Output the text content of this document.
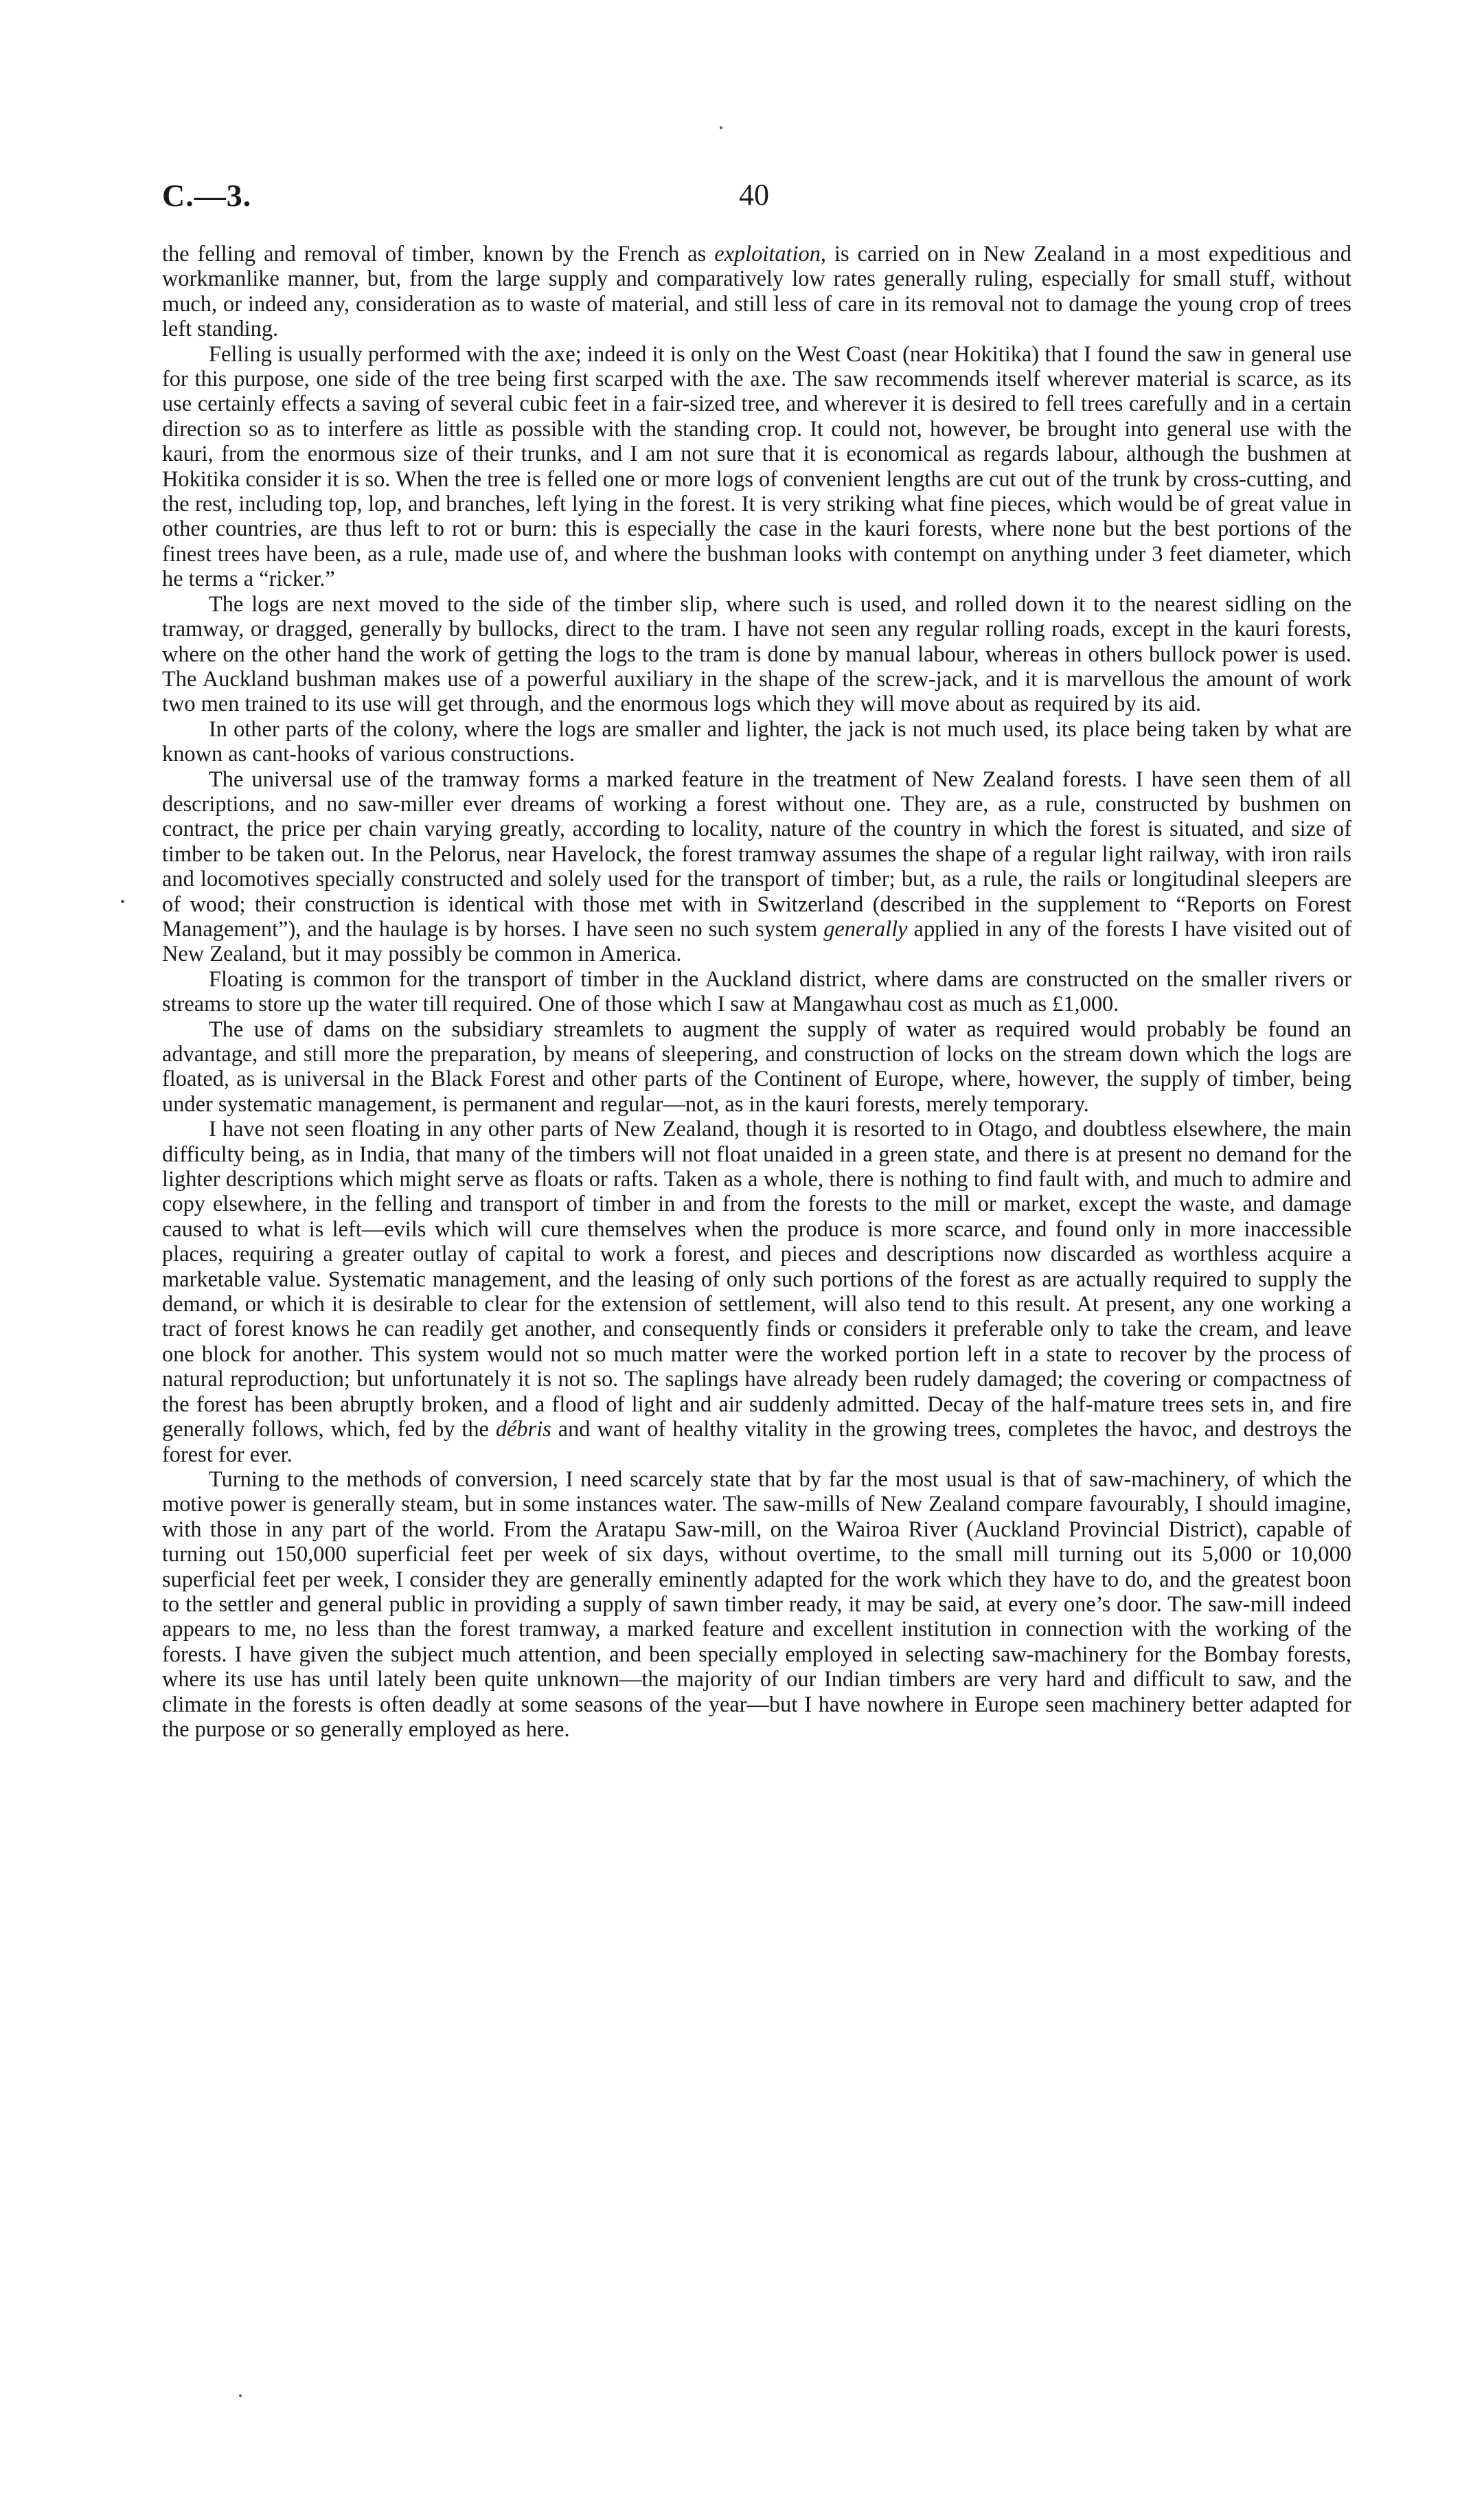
C.—3.	40

the felling and removal of timber, known by the French as exploitation, is carried on in New Zealand in a most expeditious and workmanlike manner, but, from the large supply and comparatively low rates generally ruling, especially for small stuff, without much, or indeed any, consideration as to waste of material, and still less of care in its removal not to damage the young crop of trees left standing.

Felling is usually performed with the axe; indeed it is only on the West Coast (near Hokitika) that I found the saw in general use for this purpose, one side of the tree being first scarped with the axe. The saw recommends itself wherever material is scarce, as its use certainly effects a saving of several cubic feet in a fair-sized tree, and wherever it is desired to fell trees carefully and in a certain direction so as to interfere as little as possible with the standing crop. It could not, however, be brought into general use with the kauri, from the enormous size of their trunks, and I am not sure that it is economical as regards labour, although the bushmen at Hokitika consider it is so. When the tree is felled one or more logs of convenient lengths are cut out of the trunk by cross-cutting, and the rest, including top, lop, and branches, left lying in the forest. It is very striking what fine pieces, which would be of great value in other countries, are thus left to rot or burn: this is especially the case in the kauri forests, where none but the best portions of the finest trees have been, as a rule, made use of, and where the bushman looks with contempt on anything under 3 feet diameter, which he terms a “ricker.”

The logs are next moved to the side of the timber slip, where such is used, and rolled down it to the nearest sidling on the tramway, or dragged, generally by bullocks, direct to the tram. I have not seen any regular rolling roads, except in the kauri forests, where on the other hand the work of getting the logs to the tram is done by manual labour, whereas in others bullock power is used. The Auckland bushman makes use of a powerful auxiliary in the shape of the screw-jack, and it is marvellous the amount of work two men trained to its use will get through, and the enormous logs which they will move about as required by its aid.

In other parts of the colony, where the logs are smaller and lighter, the jack is not much used, its place being taken by what are known as cant-hooks of various constructions.

The universal use of the tramway forms a marked feature in the treatment of New Zealand forests. I have seen them of all descriptions, and no saw-miller ever dreams of working a forest without one. They are, as a rule, constructed by bushmen on contract, the price per chain varying greatly, according to locality, nature of the country in which the forest is situated, and size of timber to be taken out. In the Pelorus, near Havelock, the forest tramway assumes the shape of a regular light railway, with iron rails and locomotives specially constructed and solely used for the transport of timber; but, as a rule, the rails or longitudinal sleepers are of wood; their construction is identical with those met with in Switzerland (described in the supplement to “Reports on Forest Management”), and the haulage is by horses. I have seen no such system generally applied in any of the forests I have visited out of New Zealand, but it may possibly be common in America.

Floating is common for the transport of timber in the Auckland district, where dams are constructed on the smaller rivers or streams to store up the water till required. One of those which I saw at Mangawhau cost as much as £1,000.

The use of dams on the subsidiary streamlets to augment the supply of water as required would probably be found an advantage, and still more the preparation, by means of sleepering, and construction of locks on the stream down which the logs are floated, as is universal in the Black Forest and other parts of the Continent of Europe, where, however, the supply of timber, being under systematic management, is permanent and regular—not, as in the kauri forests, merely temporary.

I have not seen floating in any other parts of New Zealand, though it is resorted to in Otago, and doubtless elsewhere, the main difficulty being, as in India, that many of the timbers will not float unaided in a green state, and there is at present no demand for the lighter descriptions which might serve as floats or rafts. Taken as a whole, there is nothing to find fault with, and much to admire and copy elsewhere, in the felling and transport of timber in and from the forests to the mill or market, except the waste, and damage caused to what is left—evils which will cure themselves when the produce is more scarce, and found only in more inaccessible places, requiring a greater outlay of capital to work a forest, and pieces and descriptions now discarded as worthless acquire a marketable value. Systematic management, and the leasing of only such portions of the forest as are actually required to supply the demand, or which it is desirable to clear for the extension of settlement, will also tend to this result. At present, any one working a tract of forest knows he can readily get another, and consequently finds or considers it preferable only to take the cream, and leave one block for another. This system would not so much matter were the worked portion left in a state to recover by the process of natural reproduction; but unfortunately it is not so. The saplings have already been rudely damaged; the covering or compactness of the forest has been abruptly broken, and a flood of light and air suddenly admitted. Decay of the half-mature trees sets in, and fire generally follows, which, fed by the débris and want of healthy vitality in the growing trees, completes the havoc, and destroys the forest for ever.

Turning to the methods of conversion, I need scarcely state that by far the most usual is that of saw-machinery, of which the motive power is generally steam, but in some instances water. The saw-mills of New Zealand compare favourably, I should imagine, with those in any part of the world. From the Aratapu Saw-mill, on the Wairoa River (Auckland Provincial District), capable of turning out 150,000 superficial feet per week of six days, without overtime, to the small mill turning out its 5,000 or 10,000 superficial feet per week, I consider they are generally eminently adapted for the work which they have to do, and the greatest boon to the settler and general public in providing a supply of sawn timber ready, it may be said, at every one’s door. The saw-mill indeed appears to me, no less than the forest tramway, a marked feature and excellent institution in connection with the working of the forests. I have given the subject much attention, and been specially employed in selecting saw-machinery for the Bombay forests, where its use has until lately been quite unknown—the majority of our Indian timbers are very hard and difficult to saw, and the climate in the forests is often deadly at some seasons of the year—but I have nowhere in Europe seen machinery better adapted for the purpose or so generally employed as here.
